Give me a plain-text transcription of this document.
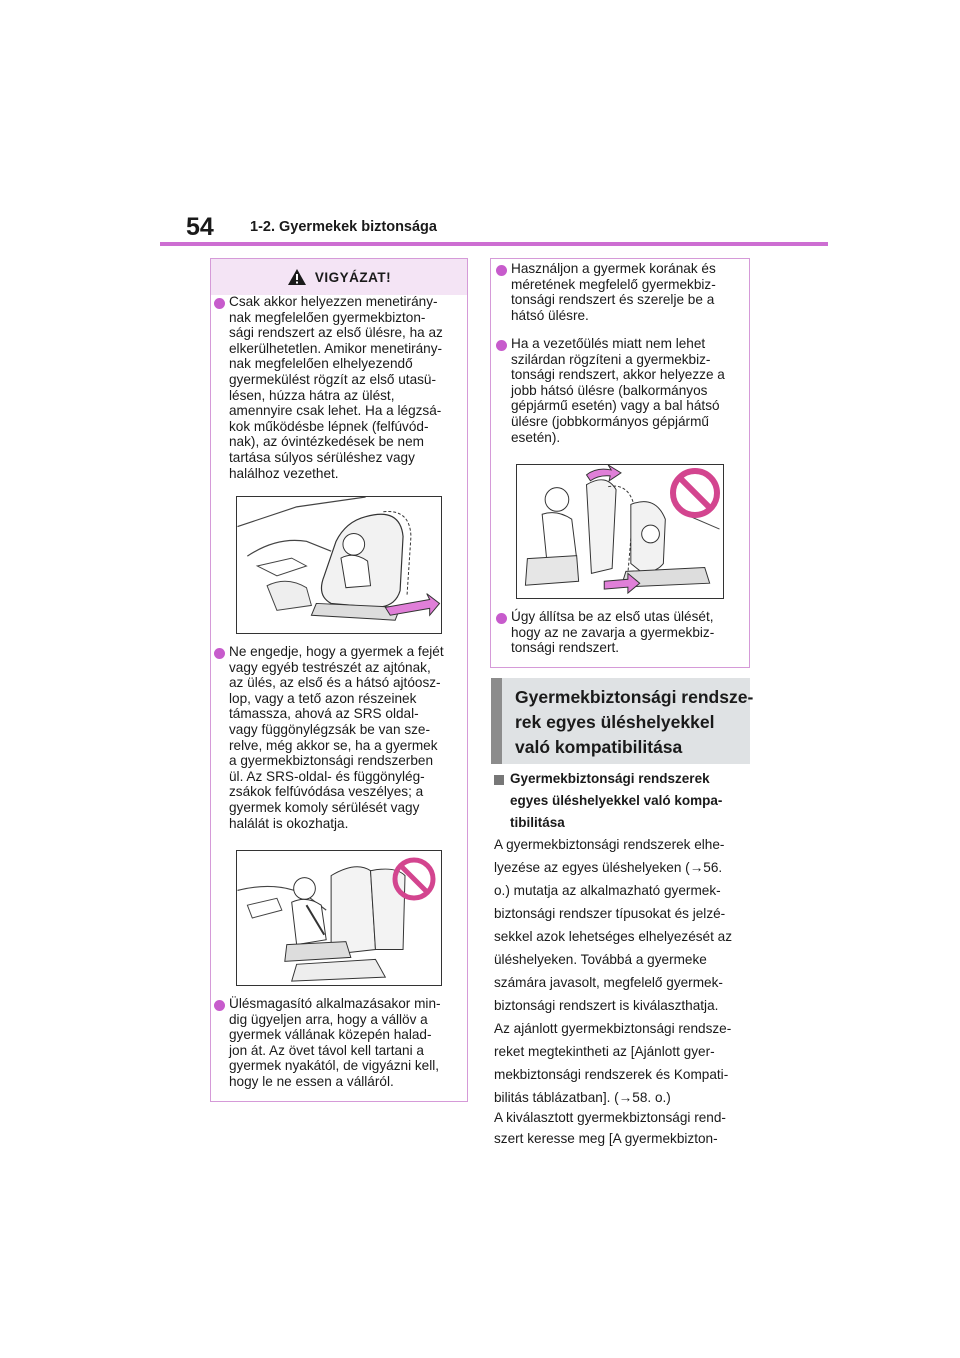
54 1-2. Gyermekek biztonsága
VIGYÁZAT!
Csak akkor helyezzen menetirány-
nak megfelelően gyermekbizton-
sági rendszert az első ülésre, ha az
elkerülhetetlen. Amikor menetirány-
nak megfelelően elhelyezendő
gyermekülést rögzít az első utasü-
lésen, húzza hátra az ülést,
amennyire csak lehet. Ha a légzsá-
kok működésbe lépnek (felfúvód-
nak), az óvintézkedések be nem
tartása súlyos sérüléshez vagy
halálhoz vezethet.
Ne engedje, hogy a gyermek a fejét
vagy egyéb testrészét az ajtónak,
az ülés, az első és a hátsó ajtóosz-
lop, vagy a tető azon részeinek
támassza, ahová az SRS oldal-
vagy függönylégzsák be van sze-
relve, még akkor se, ha a gyermek
a gyermekbiztonsági rendszerben
ül. Az SRS-oldal- és függönylég-
zsákok felfúvódása veszélyes; a
gyermek komoly sérülését vagy
halálát is okozhatja.
Ülésmagasító alkalmazásakor min-
dig ügyeljen arra, hogy a vállöv a
gyermek vállának közepén halad-
jon át. Az övet távol kell tartani a
gyermek nyakától, de vigyázni kell,
hogy le ne essen a válláról.
Használjon a gyermek korának és
méretének megfelelő gyermekbiz-
tonsági rendszert és szerelje be a
hátsó ülésre.
Ha a vezetőülés miatt nem lehet
szilárdan rögzíteni a gyermekbiz-
tonsági rendszert, akkor helyezze a
jobb hátsó ülésre (balkormányos
gépjármű esetén) vagy a bal hátsó
ülésre (jobbkormányos gépjármű
esetén).
Úgy állítsa be az első utas ülését,
hogy az ne zavarja a gyermekbiz-
tonsági rendszert.
Gyermekbiztonsági rendsze-
rek egyes üléshelyekkel
való kompatibilitása
Gyermekbiztonsági rendszerek
egyes üléshelyekkel való kompa-
tibilitása
A gyermekbiztonsági rendszerek elhe-
lyezése az egyes üléshelyeken (→56.
o.) mutatja az alkalmazható gyermek-
biztonsági rendszer típusokat és jelzé-
sekkel azok lehetséges elhelyezését az
üléshelyeken. Továbbá a gyermeke
számára javasolt, megfelelő gyermek-
biztonsági rendszert is kiválaszthatja.
Az ajánlott gyermekbiztonsági rendsze-
reket megtekintheti az [Ajánlott gyer-
mekbiztonsági rendszerek és Kompati-
bilitás táblázatban]. (→58. o.)
A kiválasztott gyermekbiztonsági rend-
szert keresse meg [A gyermekbizton-
